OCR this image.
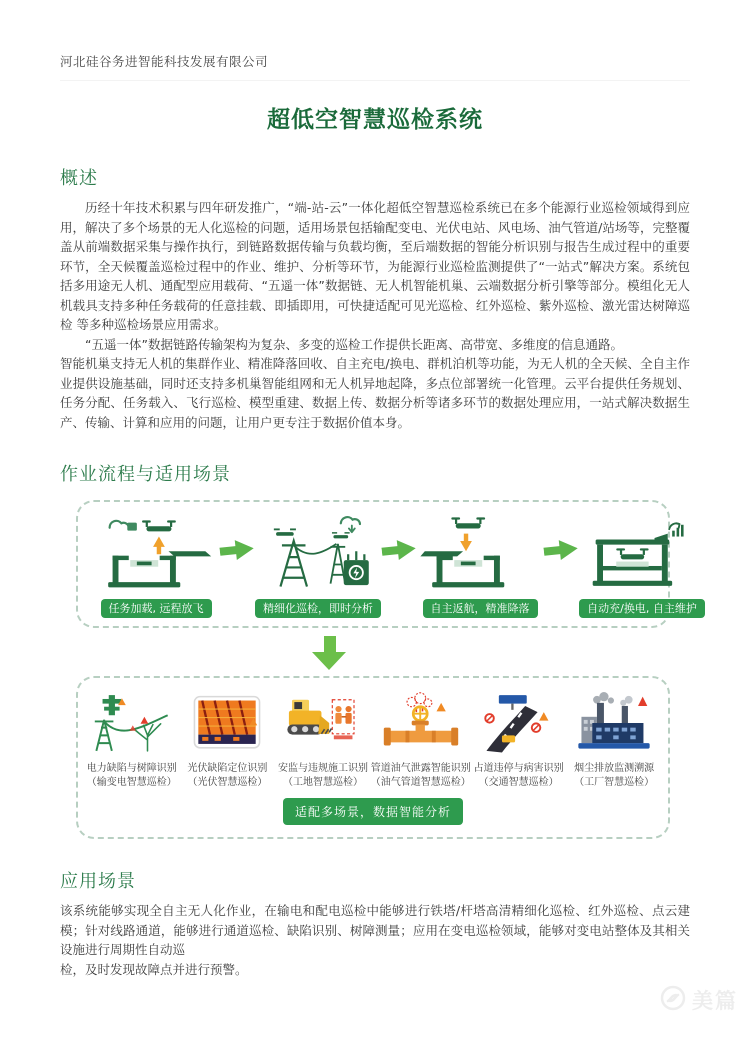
河北硅谷务进智能科技发展有限公司
超低空智慧巡检系统
概述

历经十年技术积累与四年研发推广，“端-站-云”一体化超低空智慧巡检系统已在多个能源行业巡检领域得到应用，解决了多个场景的无人化巡检的问题，适用场景包括输配变电、光伏电站、风电场、油气管道/站场等，完整覆盖从前端数据采集与操作执行，到链路数据传输与负载均衡，至后端数据的智能分析识别与报告生成过程中的重要环节，全天候覆盖巡检过程中的作业、维护、分析等环节，为能源行业巡检监测提供了“一站式”解决方案。系统包括多用途无人机、通配型应用载荷、“五遥一体”数据链、无人机智能机巢、云端数据分析引擎等部分。模组化无人机载具支持多种任务载荷的任意挂载、即插即用，可快捷适配可见光巡检、红外巡检、紫外巡检、激光雷达树障巡检 等多种巡检场景应用需求。

“五遥一体”数据链路传输架构为复杂、多变的巡检工作提供长距离、高带宽、多维度的信息通路。

智能机巢支持无人机的集群作业、精准降落回收、自主充电/换电、群机泊机等功能，为无人机的全天候、全自主作业提供设施基础，同时还支持多机巢智能组网和无人机异地起降，多点位部署统一化管理。云平台提供任务规划、任务分配、任务载入、飞行巡检、模型重建、数据上传、数据分析等诸多环节的数据处理应用，一站式解决数据生产、传输、计算和应用的问题，让用户更专注于数据价值本身。

作业流程与适用场景
任务加载, 远程放飞	精细化巡检，即时分析	自主返航，精准降落	自动充/换电, 自主维护
电力缺陷与树障识别
（输变电智慧巡检）
光伏缺陷定位识别
（光伏智慧巡检）
安监与违规施工识别
（工地智慧巡检）
管道油气泄露智能识别
（油气管道智慧巡检）
占道违停与病害识别
（交通智慧巡检）
烟尘排放监测溯源
（工厂智慧巡检）
适配多场景，数据智能分析
应用场景

该系统能够实现全自主无人化作业，在输电和配电巡检中能够进行铁塔/杆塔高清精细化巡检、红外巡检、点云建模；针对线路通道，能够进行通道巡检、缺陷识别、树障测量；应用在变电巡检领域，能够对变电站整体及其相关设施进行周期性自动巡

检，及时发现故障点并进行预警。

美篇
